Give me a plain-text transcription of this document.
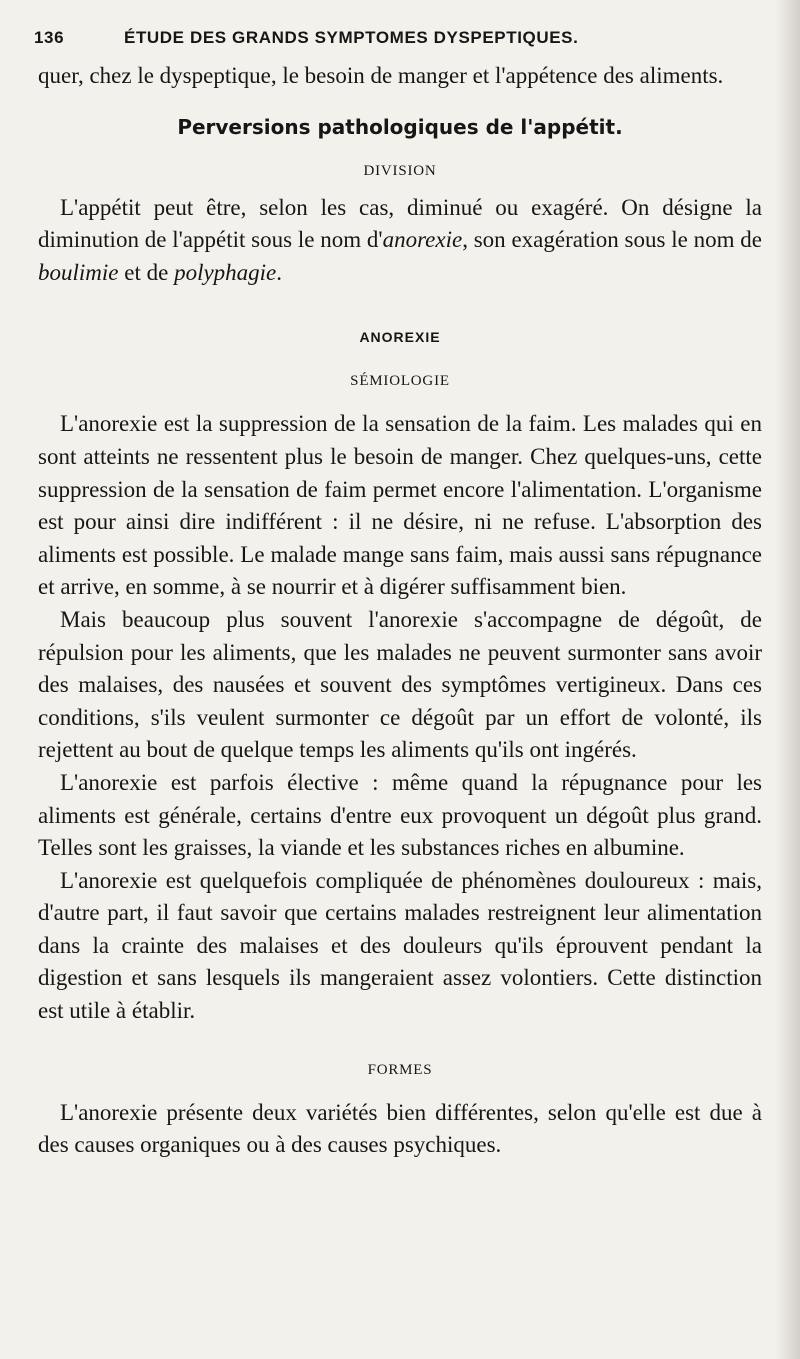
136	ÉTUDE DES GRANDS SYMPTOMES DYSPEPTIQUES.

quer, chez le dyspeptique, le besoin de manger et l'appétence des aliments.

Perversions pathologiques de l'appétit.
DIVISION

L'appétit peut être, selon les cas, diminué ou exagéré. On désigne la diminution de l'appétit sous le nom d'anorexie, son exagération sous le nom de boulimie et de polyphagie.

ANOREXIE
SÉMIOLOGIE

L'anorexie est la suppression de la sensation de la faim. Les malades qui en sont atteints ne ressentent plus le besoin de manger. Chez quelques-uns, cette suppression de la sensation de faim permet encore l'alimentation. L'organisme est pour ainsi dire indifférent : il ne désire, ni ne refuse. L'absorption des aliments est possible. Le malade mange sans faim, mais aussi sans répugnance et arrive, en somme, à se nourrir et à digérer suffisamment bien.

Mais beaucoup plus souvent l'anorexie s'accompagne de dégoût, de répulsion pour les aliments, que les malades ne peuvent surmonter sans avoir des malaises, des nausées et souvent des symptômes vertigineux. Dans ces conditions, s'ils veulent surmonter ce dégoût par un effort de volonté, ils rejettent au bout de quelque temps les aliments qu'ils ont ingérés.

L'anorexie est parfois élective : même quand la répugnance pour les aliments est générale, certains d'entre eux provoquent un dégoût plus grand. Telles sont les graisses, la viande et les substances riches en albumine.

L'anorexie est quelquefois compliquée de phénomènes douloureux : mais, d'autre part, il faut savoir que certains malades restreignent leur alimentation dans la crainte des malaises et des douleurs qu'ils éprouvent pendant la digestion et sans lesquels ils mangeraient assez volontiers. Cette distinction est utile à établir.

FORMES

L'anorexie présente deux variétés bien différentes, selon qu'elle est due à des causes organiques ou à des causes psychiques.
